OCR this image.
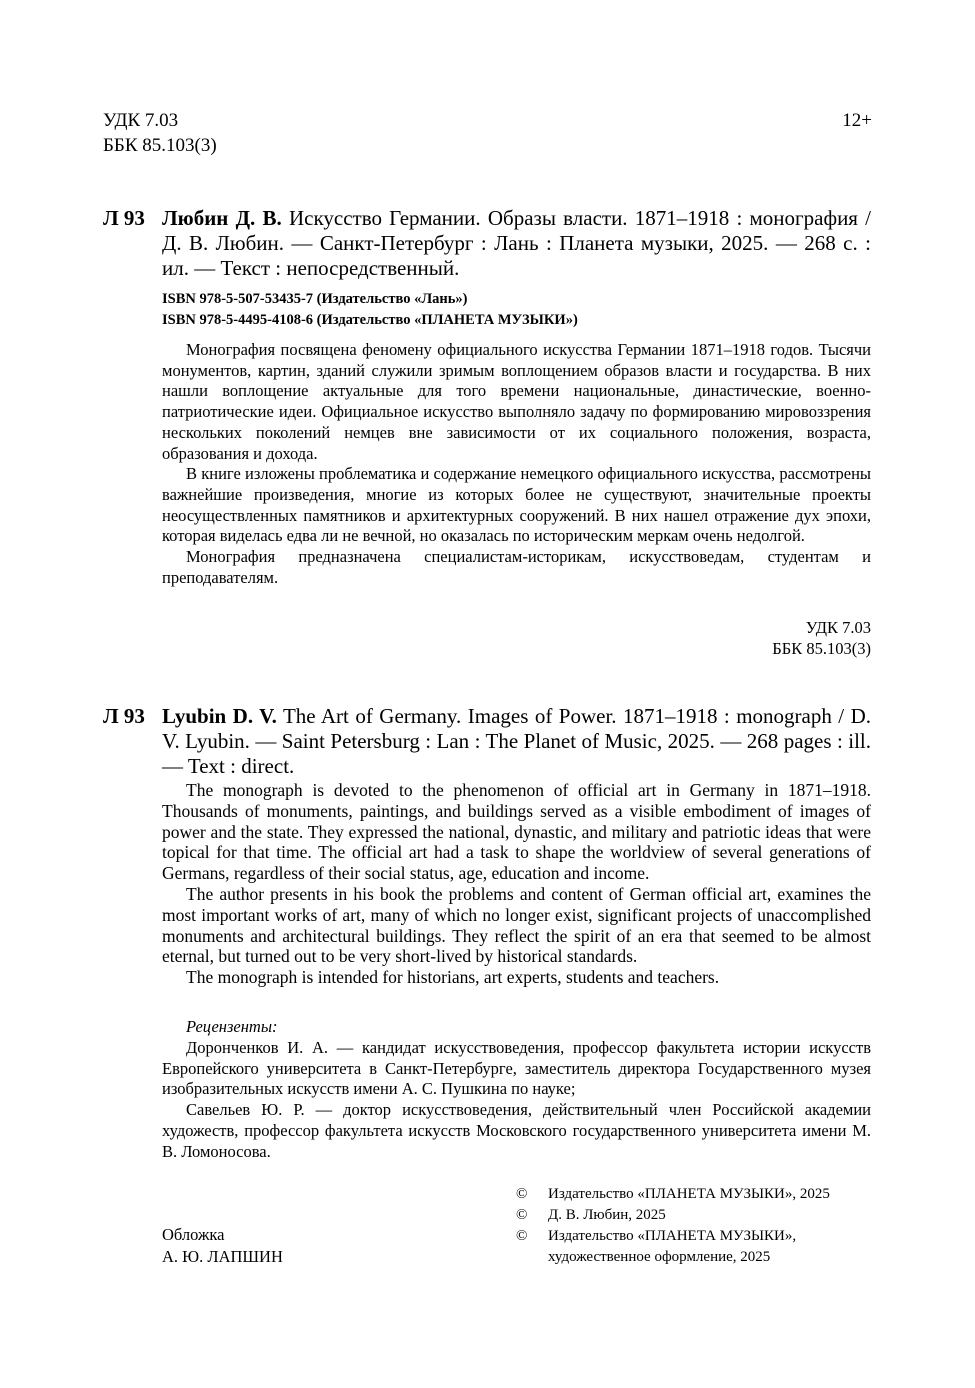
УДК 7.03
ББК 85.103(3)
12+
Л 93 Любин Д. В. Искусство Германии. Образы власти. 1871–1918 : монография / Д. В. Любин. — Санкт-Петербург : Лань : Планета музыки, 2025. — 268 с. : ил. — Текст : непосредственный.
ISBN 978-5-507-53435-7 (Издательство «Лань»)
ISBN 978-5-4495-4108-6 (Издательство «ПЛАНЕТА МУЗЫКИ»)

Монография посвящена феномену официального искусства Германии 1871–1918 годов. Тысячи монументов, картин, зданий служили зримым воплощением образов власти и государства. В них нашли воплощение актуальные для того времени национальные, династические, военно-патриотические идеи. Официальное искусство выполняло задачу по формированию мировоззрения нескольких поколений немцев вне зависимости от их социального положения, возраста, образования и дохода.

В книге изложены проблематика и содержание немецкого официального искусства, рассмотрены важнейшие произведения, многие из которых более не существуют, значительные проекты неосуществленных памятников и архитектурных сооружений. В них нашел отражение дух эпохи, которая виделась едва ли не вечной, но оказалась по историческим меркам очень недолгой.

Монография предназначена специалистам-историкам, искусствоведам, студентам и преподавателям.

УДК 7.03
ББК 85.103(3)
Л 93 Lyubin D. V. The Art of Germany. Images of Power. 1871–1918 : monograph / D. V. Lyubin. — Saint Petersburg : Lan : The Planet of Music, 2025. — 268 pages : ill. — Text : direct.

The monograph is devoted to the phenomenon of official art in Germany in 1871–1918. Thousands of monuments, paintings, and buildings served as a visible embodiment of images of power and the state. They expressed the national, dynastic, and military and patriotic ideas that were topical for that time. The official art had a task to shape the worldview of several generations of Germans, regardless of their social status, age, education and income.

The author presents in his book the problems and content of German official art, examines the most important works of art, many of which no longer exist, significant projects of unaccomplished monuments and architectural buildings. They reflect the spirit of an era that seemed to be almost eternal, but turned out to be very short-lived by historical standards.

The monograph is intended for historians, art experts, students and teachers.

Рецензенты:

Доронченков И. А. — кандидат искусствоведения, профессор факультета истории искусств Европейского университета в Санкт-Петербурге, заместитель директора Государственного музея изобразительных искусств имени А. С. Пушкина по науке;

Савельев Ю. Р. — доктор искусствоведения, действительный член Российской академии художеств, профессор факультета искусств Московского государственного университета имени М. В. Ломоносова.

Обложка
А. Ю. ЛАПШИН
©	Издательство «ПЛАНЕТА МУЗЫКИ», 2025
©	Д. В. Любин, 2025
©	Издательство «ПЛАНЕТА МУЗЫКИ», художественное оформление, 2025
